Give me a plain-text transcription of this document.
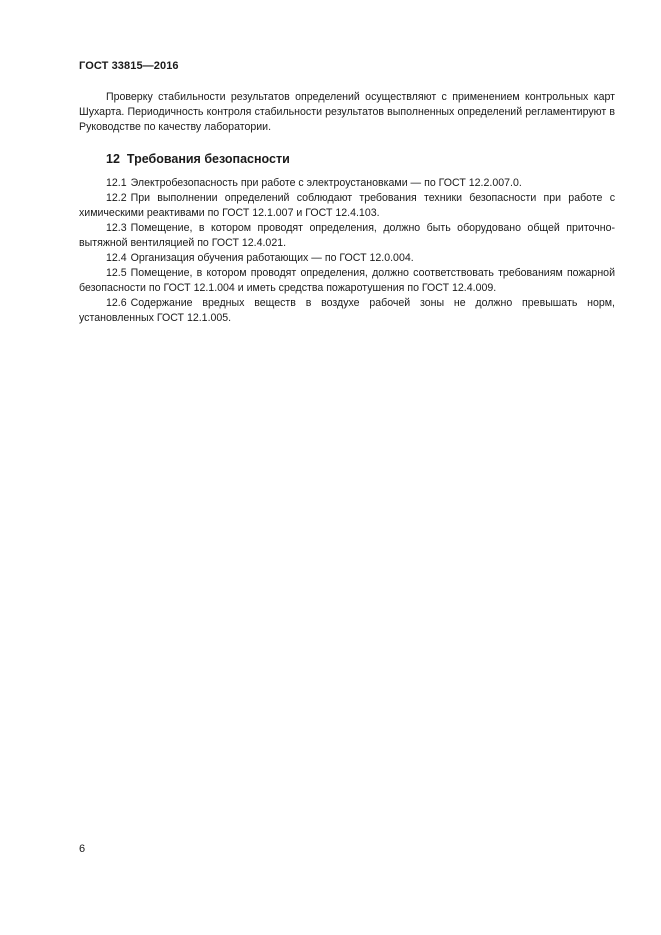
ГОСТ 33815—2016

Проверку стабильности результатов определений осуществляют с применением контрольных карт Шухарта. Периодичность контроля стабильности результатов выполненных определений регламентируют в Руководстве по качеству лаборатории.

12 Требования безопасности

12.1 Электробезопасность при работе с электроустановками — по ГОСТ 12.2.007.0.

12.2 При выполнении определений соблюдают требования техники безопасности при работе с химическими реактивами по ГОСТ 12.1.007 и ГОСТ 12.4.103.

12.3 Помещение, в котором проводят определения, должно быть оборудовано общей приточно-вытяжной вентиляцией по ГОСТ 12.4.021.

12.4 Организация обучения работающих — по ГОСТ 12.0.004.

12.5 Помещение, в котором проводят определения, должно соответствовать требованиям пожарной безопасности по ГОСТ 12.1.004 и иметь средства пожаротушения по ГОСТ 12.4.009.

12.6 Содержание вредных веществ в воздухе рабочей зоны не должно превышать норм, установленных ГОСТ 12.1.005.

6
